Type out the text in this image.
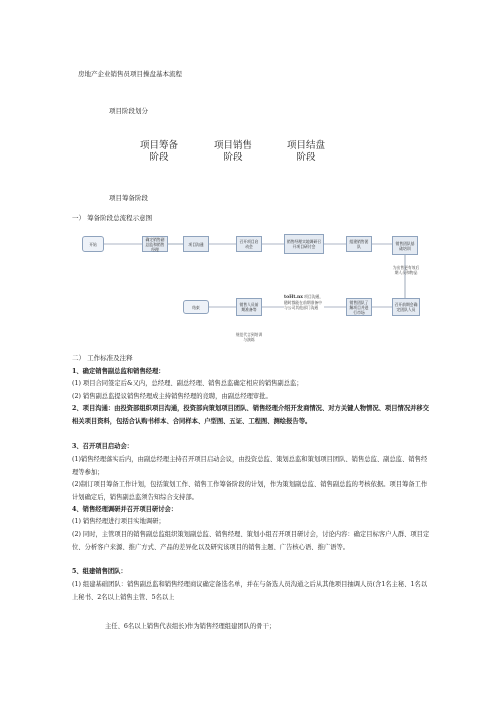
房地产企业销售员项目操盘基本流程
项目阶段划分
项目筹备
阶段
项目销售
阶段
项目结盘
阶段
项目筹备阶段
一） 筹备阶段总流程示意图
开始
确定销售副总监和销售经理
项目沟通	召开项目启动会
销售经理实地调研召开项目研讨会
组建销售团队
销售团队基础培训
为出售更有效后期人员和物品
召开前期会确定团队人员
销售团队了解项目并进行市场
toHt.nx 项目沟通，随时都能在前期准备中与公司其他部门沟通
销售人员前期准备等
结束
规范代言到培训与演练
二） 工作标准及注释
1、确定销售副总监和销售经理：
(1) 项目合同签定后&又内，总经理、副总经理、销售总监确定相应的销售副总监；
(2) 销售副总监提议销售经理成主持销售经理的竞聘，由副总经理审批。
2、项目沟通：由投资部组织项目沟通，投资部向策划项目团队、销售经理介绍开发商情况、对方关键人物情况、项目情况并移交相关项目资料，包括合认购书样本、合同样本、户型图、五证、工程图、测绘报告等。
3、召开项目启动会：
(1)销售经理落实后内，由副总经理主持召开项目启动会议，由投资总监、策划总监和策划项目团队、销售总监、副总监、销售经理等参加；
(2)制订项目筹备工作计划，包括策划工作、销售工作筹备阶段的计划，作为策划副总监、销售副总监的考核依据。项目筹备工作计划确定后，销售副总监须告知综合支持部。
4、销售经理调研并召开项目研讨会：
(1) 销售经理进行项目实地调研；
(2) 同时，主管项目的销售副总监组织策划副总监、销售经理、策划小组召开项目研讨会，讨论内容：确定目标客户人群、项目定位、分析客户来源、推广方式、产品的差异化以及研究该项目的销售主题、广告核心语、推广语等。
5、组建销售团队：
(1) 组建基础团队：销售副总监和销售经理商议确定备选名单，并在与备选人员沟通之后从其他项目抽调人员(含1名主秘、1名以上秘书、2名以上销售主管、5名以上
主任、6名以上销售代表组长)作为销售经理组建团队的骨干；
